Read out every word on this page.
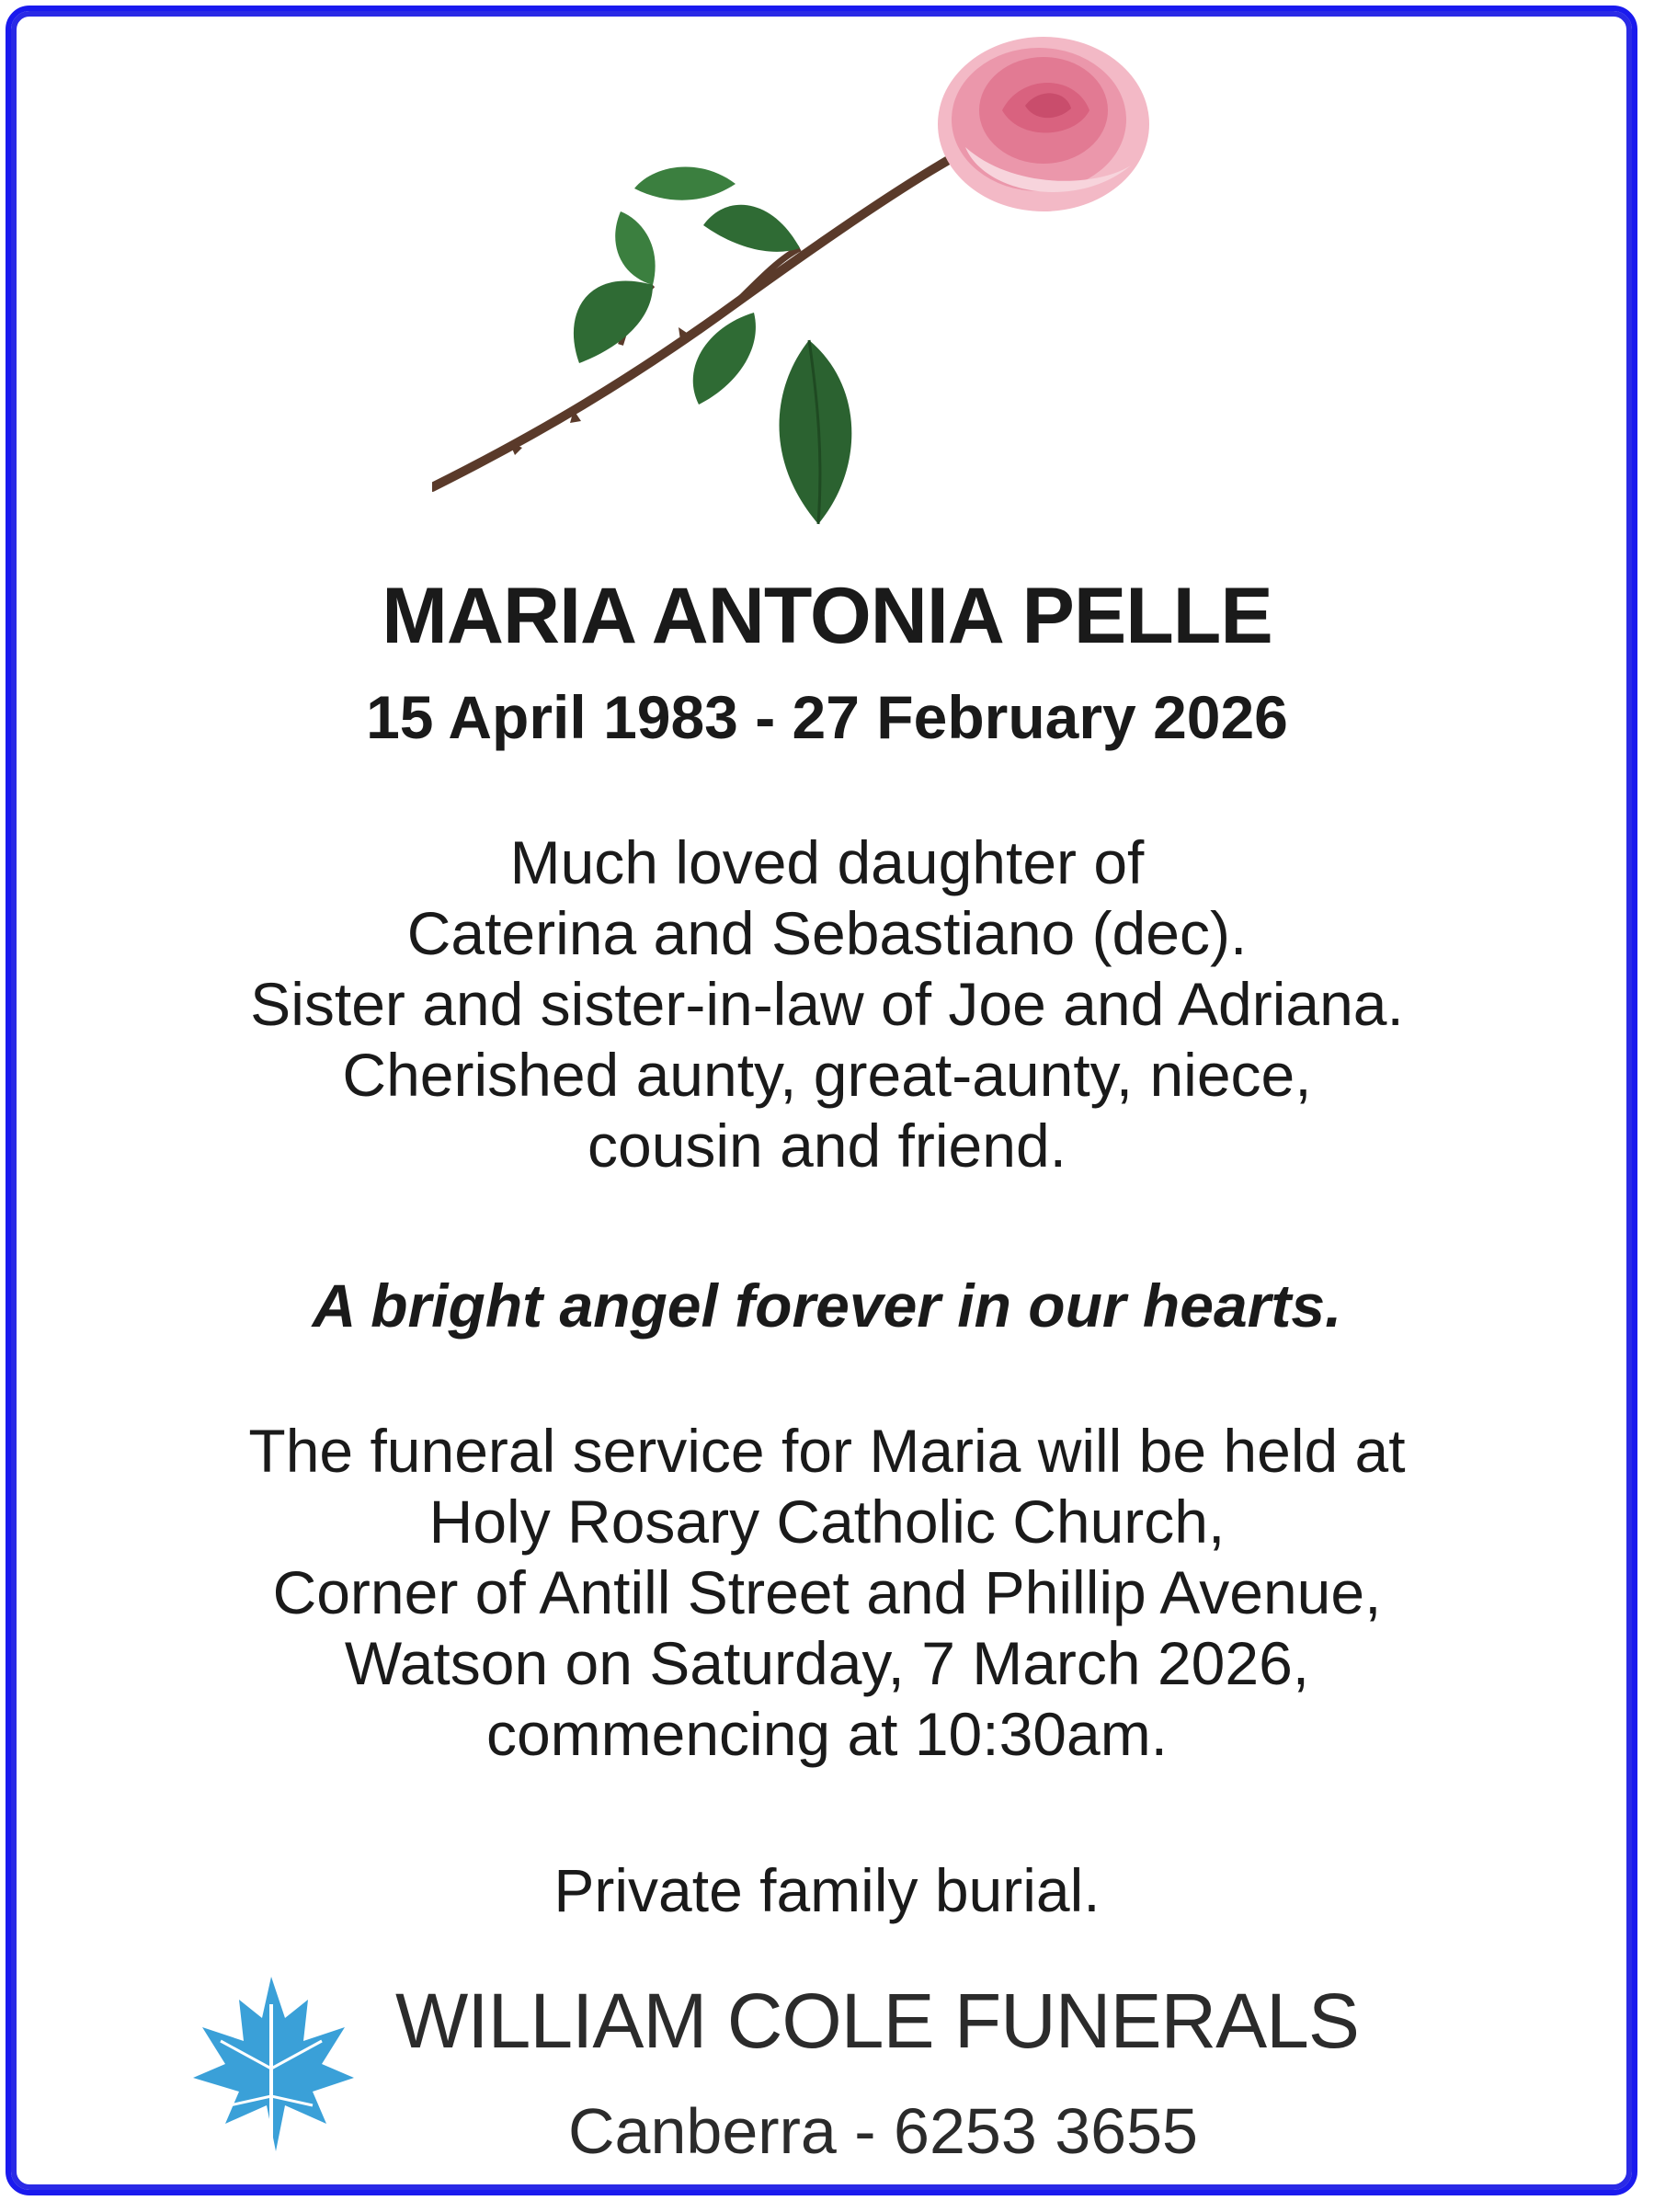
MARIA ANTONIA PELLE
15 April 1983 - 27 February 2026
Much loved daughter of
Caterina and Sebastiano (dec).
Sister and sister-in-law of Joe and Adriana.
Cherished aunty, great-aunty, niece,
cousin and friend.
A bright angel forever in our hearts.
The funeral service for Maria will be held at
Holy Rosary Catholic Church,
Corner of Antill Street and Phillip Avenue,
Watson on Saturday, 7 March 2026,
commencing at 10:30am.
Private family burial.
WILLIAM COLE FUNERALS
Canberra - 6253 3655
